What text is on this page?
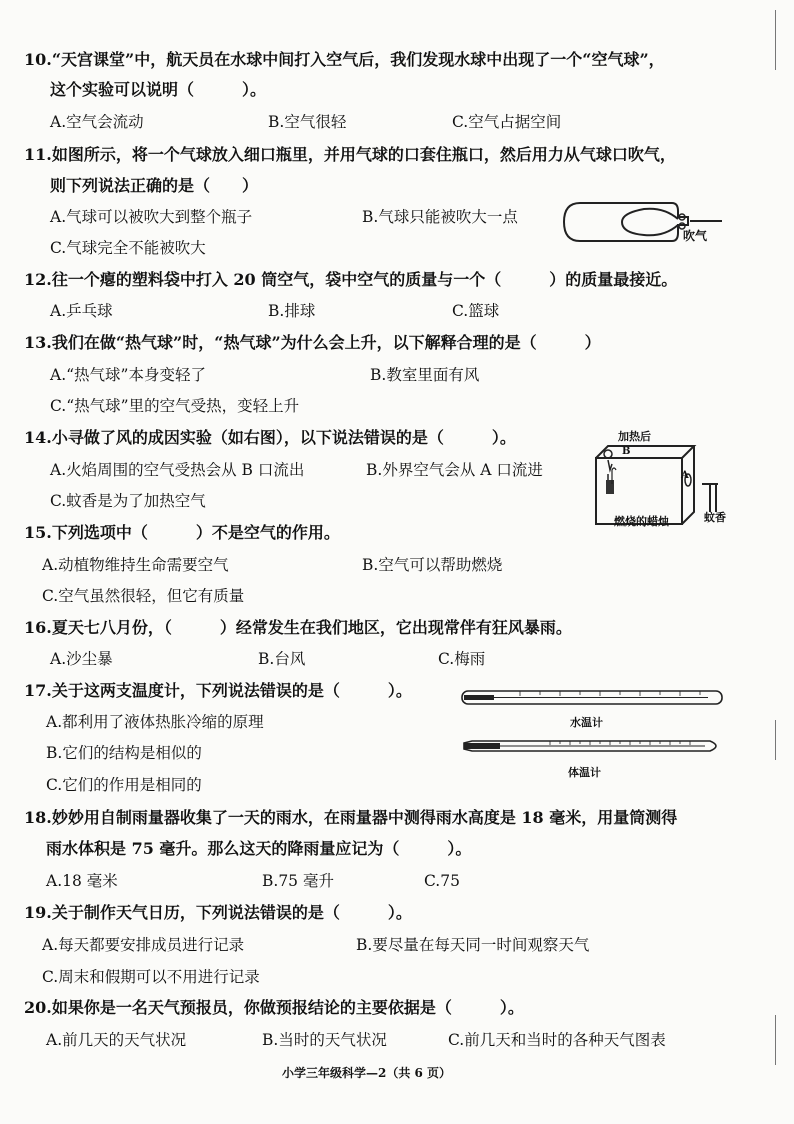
10.“天宫课堂”中，航天员在水球中间打入空气后，我们发现水球中出现了一个“空气球”，
这个实验可以说明（　　　）。
A.空气会流动	B.空气很轻	C.空气占据空间
11.如图所示，将一个气球放入细口瓶里，并用气球的口套住瓶口，然后用力从气球口吹气，
则下列说法正确的是（　　）
A.气球可以被吹大到整个瓶子	B.气球只能被吹大一点
C.气球完全不能被吹大
吹气
12.往一个瘪的塑料袋中打入 20 筒空气，袋中空气的质量与一个（　　　）的质量最接近。
A.乒乓球	B.排球	C.篮球
13.我们在做“热气球”时，“热气球”为什么会上升，以下解释合理的是（　　　）
A.“热气球”本身变轻了	B.教室里面有风
C.“热气球”里的空气受热，变轻上升
14.小寻做了风的成因实验（如右图），以下说法错误的是（　　　）。
A.火焰周围的空气受热会从 B 口流出	B.外界空气会从 A 口流进
C.蚊香是为了加热空气
加热后
B
A
燃烧的蜡烛	蚊香
15.下列选项中（　　　）不是空气的作用。
A.动植物维持生命需要空气	B.空气可以帮助燃烧
C.空气虽然很轻，但它有质量
16.夏天七八月份，（　　　）经常发生在我们地区，它出现常伴有狂风暴雨。
A.沙尘暴	B.台风	C.梅雨
17.关于这两支温度计，下列说法错误的是（　　　）。
A.都利用了液体热胀冷缩的原理
B.它们的结构是相似的
C.它们的作用是相同的
水温计
体温计
18.妙妙用自制雨量器收集了一天的雨水，在雨量器中测得雨水高度是 18 毫米，用量筒测得
雨水体积是 75 毫升。那么这天的降雨量应记为（　　　）。
A.18 毫米	B.75 毫升	C.75
19.关于制作天气日历，下列说法错误的是（　　　）。
A.每天都要安排成员进行记录	B.要尽量在每天同一时间观察天气
C.周末和假期可以不用进行记录
20.如果你是一名天气预报员，你做预报结论的主要依据是（　　　）。
A.前几天的天气状况	B.当时的天气状况	C.前几天和当时的各种天气图表
小学三年级科学—2（共 6 页）
